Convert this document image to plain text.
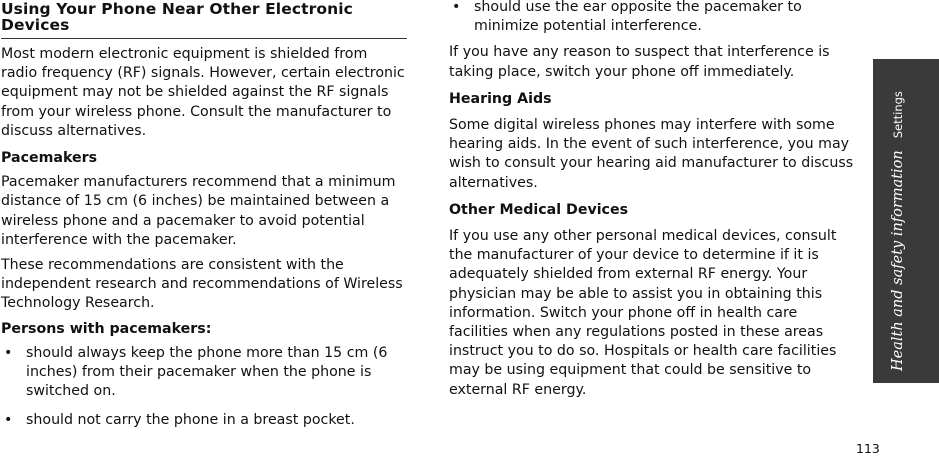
Using Your Phone Near Other Electronic Devices

Most modern electronic equipment is shielded from radio frequency (RF) signals. However, certain electronic equipment may not be shielded against the RF signals from your wireless phone. Consult the manufacturer to discuss alternatives.

Pacemakers

Pacemaker manufacturers recommend that a minimum distance of 15 cm (6 inches) be maintained between a wireless phone and a pacemaker to avoid potential interference with the pacemaker.

These recommendations are consistent with the independent research and recommendations of Wireless Technology Research.

Persons with pacemakers:
• should always keep the phone more than 15 cm (6 inches) from their pacemaker when the phone is switched on.
• should not carry the phone in a breast pocket.
• should use the ear opposite the pacemaker to minimize potential interference.

If you have any reason to suspect that interference is taking place, switch your phone off immediately.

Hearing Aids

Some digital wireless phones may interfere with some hearing aids. In the event of such interference, you may wish to consult your hearing aid manufacturer to discuss alternatives.

Other Medical Devices

If you use any other personal medical devices, consult the manufacturer of your device to determine if it is adequately shielded from external RF energy. Your physician may be able to assist you in obtaining this information. Switch your phone off in health care facilities when any regulations posted in these areas instruct you to do so. Hospitals or health care facilities may be using equipment that could be sensitive to external RF energy.

Health and safety informationSettings
113
